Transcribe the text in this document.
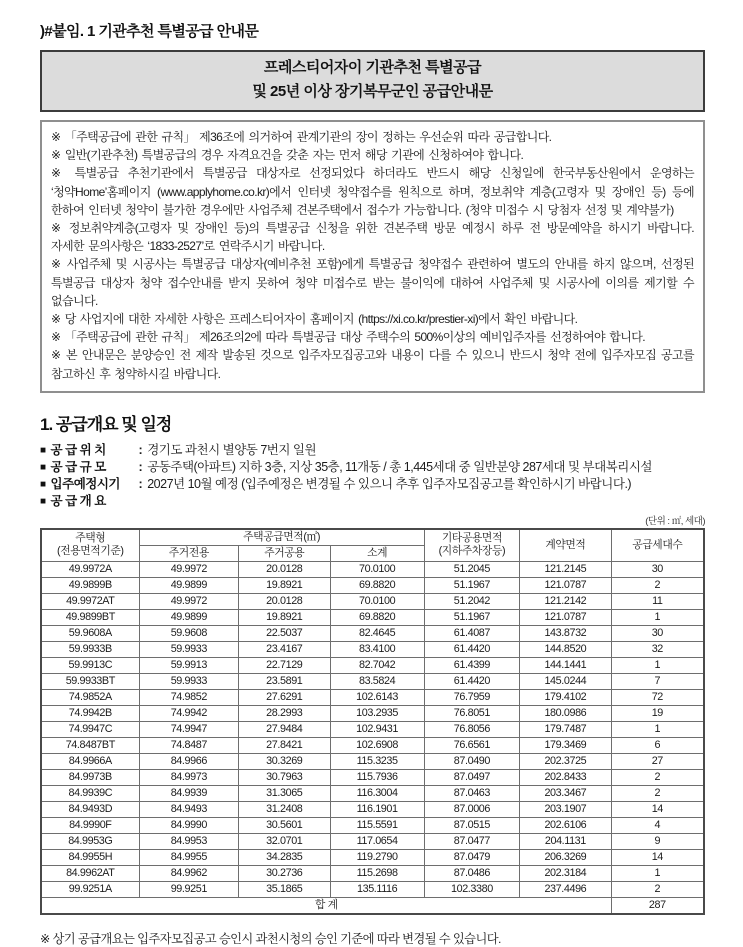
)#붙임. 1 기관추천 특별공급 안내문
프레스티어자이 기관추천 특별공급
및 25년 이상 장기복무군인 공급안내문

※ 「주택공급에 관한 규칙」 제36조에 의거하여 관계기관의 장이 정하는 우선순위 따라 공급합니다.

※ 일반(기관추천) 특별공급의 경우 자격요건을 갖춘 자는 먼저 해당 기관에 신청하여야 합니다.

※ 특별공급 추천기관에서 특별공급 대상자로 선정되었다 하더라도 반드시 해당 신청일에 한국부동산원에서 운영하는 ‘청약Home’홈페이지 (www.applyhome.co.kr)에서 인터넷 청약접수를 원칙으로 하며, 정보취약 계층(고령자 및 장애인 등) 등에 한하여 인터넷 청약이 불가한 경우에만 사업주체 견본주택에서 접수가 가능합니다. (청약 미접수 시 당첨자 선정 및 계약불가)

※ 정보취약계층(고령자 및 장애인 등)의 특별공급 신청을 위한 견본주택 방문 예정시 하루 전 방문예약을 하시기 바랍니다. 자세한 문의사항은 ‘1833-2527’로 연락주시기 바랍니다.

※ 사업주체 및 시공사는 특별공급 대상자(예비추천 포함)에게 특별공급 청약접수 관련하여 별도의 안내를 하지 않으며, 선정된 특별공급 대상자 청약 접수안내를 받지 못하여 청약 미접수로 받는 불이익에 대하여 사업주체 및 시공사에 이의를 제기할 수 없습니다.

※ 당 사업지에 대한 자세한 사항은 프레스티어자이 홈페이지 (https://xi.co.kr/prestier-xi)에서 확인 바랍니다.

※ 「주택공급에 관한 규칙」 제26조의2에 따라 특별공급 대상 주택수의 500%이상의 예비입주자를 선정하여야 합니다.

※ 본 안내문은 분양승인 전 제작 발송된 것으로 입주자모집공고와 내용이 다를 수 있으니 반드시 청약 전에 입주자모집 공고를 참고하신 후 청약하시길 바랍니다.

1. 공급개요 및 일정
■ 공 급 위 치	: 경기도 과천시 별양동 7번지 일원
■ 공 급 규 모	: 공동주택(아파트) 지하 3층, 지상 35층, 11개동 / 총 1,445세대 중 일반분양 287세대 및 부대복리시설
■ 입주예정시기 : 2027년 10월 예정 (입주예정은 변경될 수 있으니 추후 입주자모집공고를 확인하시기 바랍니다.)
■ 공 급 개 요
(단위 : ㎡, 세대)
주택형
(전용면적기준)	주택공급면적(㎡)			기타공용면적
(지하주차장등)	계약면적	공급세대수
	주거전용	주거공용	소계			
49.9972A	49.9972	20.0128	70.0100	51.2045	121.2145	30
49.9899B	49.9899	19.8921	69.8820	51.1967	121.0787	2
49.9972AT	49.9972	20.0128	70.0100	51.2042	121.2142	11
49.9899BT	49.9899	19.8921	69.8820	51.1967	121.0787	1
59.9608A	59.9608	22.5037	82.4645	61.4087	143.8732	30
59.9933B	59.9933	23.4167	83.4100	61.4420	144.8520	32
59.9913C	59.9913	22.7129	82.7042	61.4399	144.1441	1
59.9933BT	59.9933	23.5891	83.5824	61.4420	145.0244	7
74.9852A	74.9852	27.6291	102.6143	76.7959	179.4102	72
74.9942B	74.9942	28.2993	103.2935	76.8051	180.0986	19
74.9947C	74.9947	27.9484	102.9431	76.8056	179.7487	1
74.8487BT	74.8487	27.8421	102.6908	76.6561	179.3469	6
84.9966A	84.9966	30.3269	115.3235	87.0490	202.3725	27
84.9973B	84.9973	30.7963	115.7936	87.0497	202.8433	2
84.9939C	84.9939	31.3065	116.3004	87.0463	203.3467	2
84.9493D	84.9493	31.2408	116.1901	87.0006	203.1907	14
84.9990F	84.9990	30.5601	115.5591	87.0515	202.6106	4
84.9953G	84.9953	32.0701	117.0654	87.0477	204.1131	9
84.9955H	84.9955	34.2835	119.2790	87.0479	206.3269	14
84.9962AT	84.9962	30.2736	115.2698	87.0486	202.3184	1
99.9251A	99.9251	35.1865	135.1116	102.3380	237.4496	2
합 계						287

※ 상기 공급개요는 입주자모집공고 승인시 과천시청의 승인 기준에 따라 변경될 수 있습니다.
